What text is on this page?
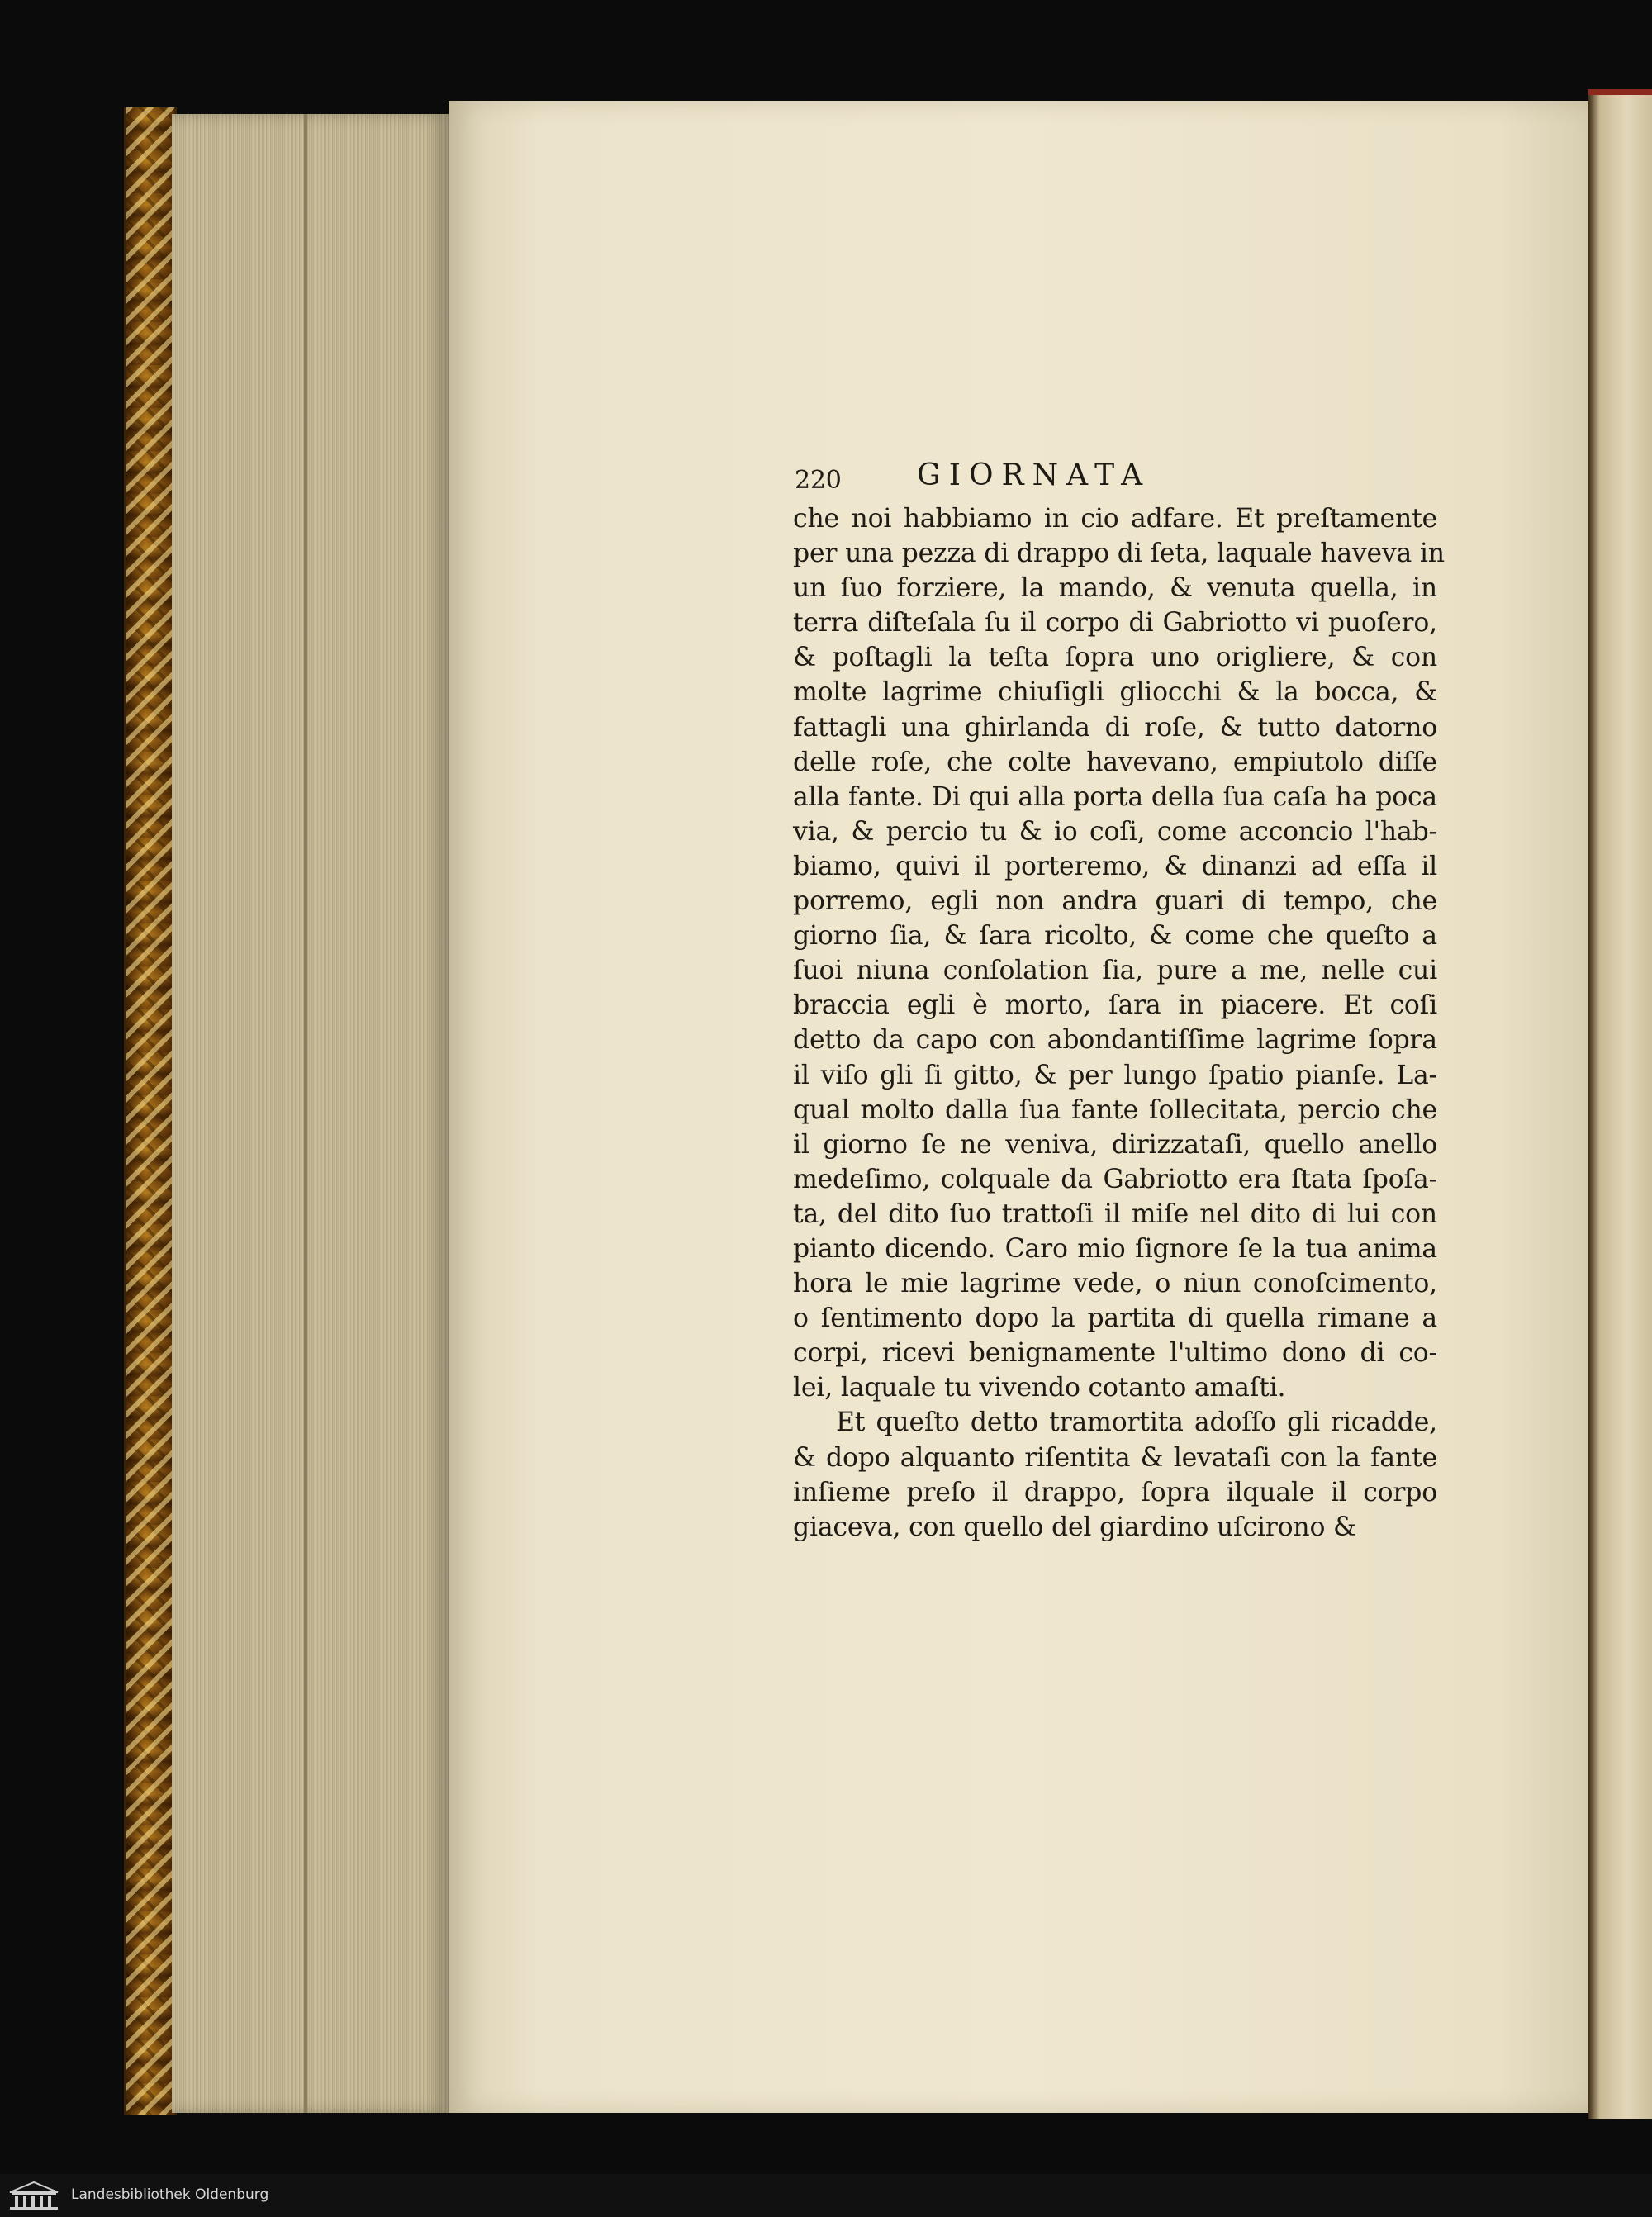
220	GIORNATA
che noi habbiamo in cio adfare. Et preſtamente
per una pezza di drappo di ſeta, laquale haveva in
un ſuo forziere, la mando, & venuta quella, in
terra diſteſala ſu il corpo di Gabriotto vi puoſero,
& poſtagli la teſta ſopra uno origliere, & con
molte lagrime chiuſigli gliocchi & la bocca, &
fattagli una ghirlanda di roſe, & tutto datorno
delle roſe, che colte havevano, empiutolo diſſe
alla fante. Di qui alla porta della ſua caſa ha poca
via, & percio tu & io coſi, come acconcio l'hab-
biamo, quivi il porteremo, & dinanzi ad eſſa il
porremo, egli non andra guari di tempo, che
giorno ſia, & ſara ricolto, & come che queſto a
ſuoi niuna conſolation ſia, pure a me, nelle cui
braccia egli è morto, ſara in piacere. Et coſi
detto da capo con abondantiſſime lagrime ſopra
il viſo gli ſi gitto, & per lungo ſpatio pianſe. La-
qual molto dalla ſua fante ſollecitata, percio che
il giorno ſe ne veniva, dirizzataſi, quello anello
medeſimo, colquale da Gabriotto era ſtata ſpoſa-
ta, del dito ſuo trattoſi il miſe nel dito di lui con
pianto dicendo. Caro mio ſignore ſe la tua anima
hora le mie lagrime vede, o niun conoſcimento,
o ſentimento dopo la partita di quella rimane a
corpi, ricevi benignamente l'ultimo dono di co-
lei, laquale tu vivendo cotanto amaſti.
Et queſto detto tramortita adoſſo gli ricadde,
& dopo alquanto riſentita & levataſi con la fante
inſieme preſo il drappo, ſopra ilquale il corpo
giaceva, con quello del giardino uſcirono &
Landesbibliothek Oldenburg
